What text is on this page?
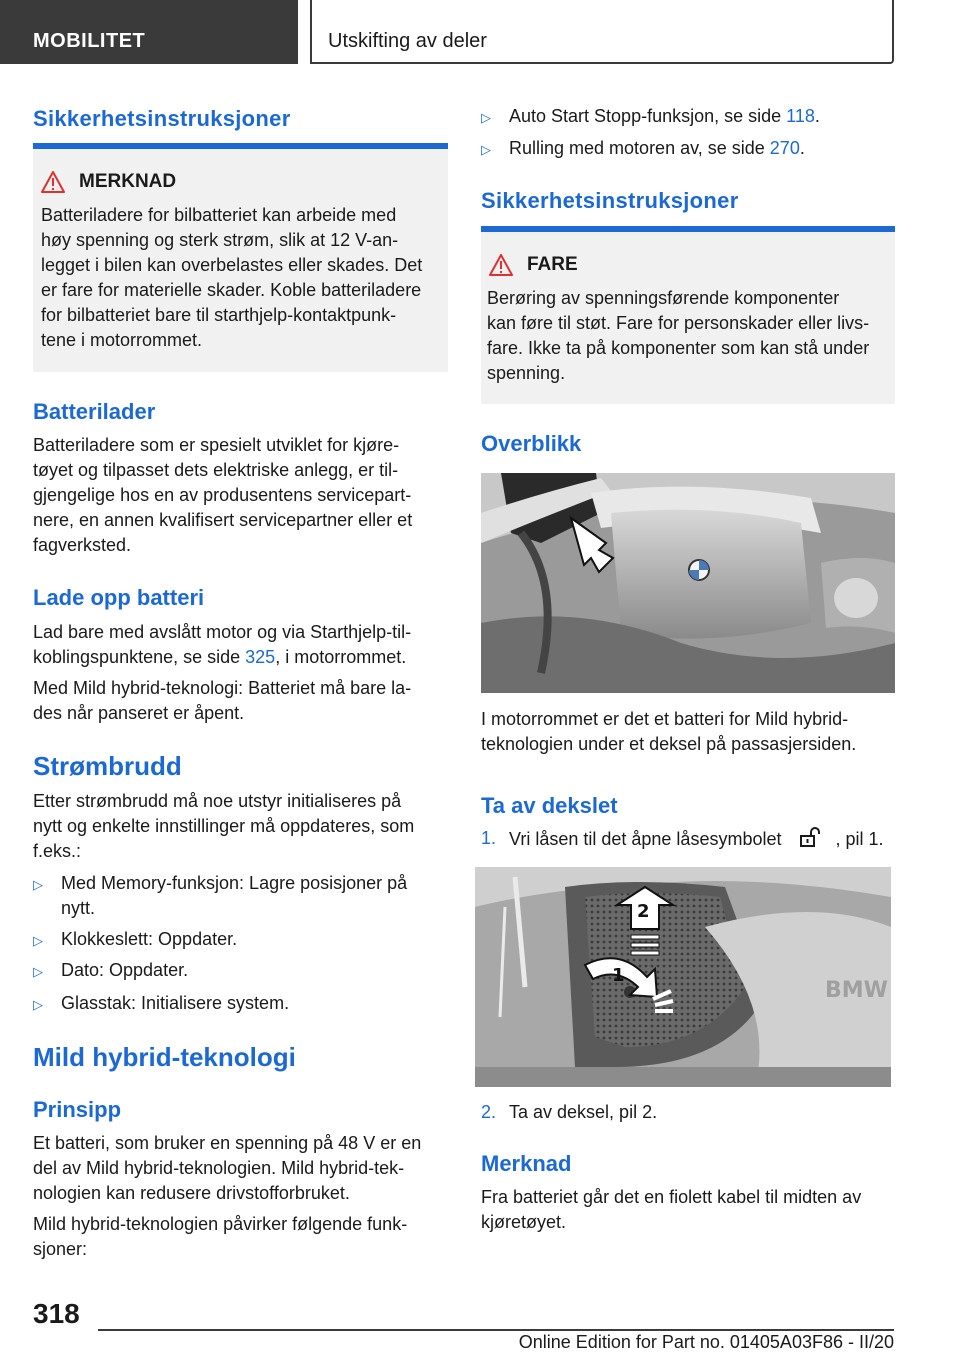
MOBILITET	Utskifting av deler
Sikkerhetsinstruksjoner
MERKNAD
Batteriladere for bilbatteriet kan arbeide med
høy spenning og sterk strøm, slik at 12 V-an-
legget i bilen kan overbelastes eller skades. Det
er fare for materielle skader. Koble batteriladere
for bilbatteriet bare til starthjelp-kontaktpunk-
tene i motorrommet.
Batterilader
Batteriladere som er spesielt utviklet for kjøre-
tøyet og tilpasset dets elektriske anlegg, er til-
gjengelige hos en av produsentens servicepart-
nere, en annen kvalifisert servicepartner eller et
fagverksted.
Lade opp batteri
Lad bare med avslått motor og via Starthjelp-til-
koblingspunktene, se side 325, i motorrommet.
Med Mild hybrid-teknologi: Batteriet må bare la-
des når panseret er åpent.
Strømbrudd
Etter strømbrudd må noe utstyr initialiseres på
nytt og enkelte innstillinger må oppdateres, som
f.eks.:
▷ Med Memory-funksjon: Lagre posisjoner på
nytt.
▷ Klokkeslett: Oppdater.
▷ Dato: Oppdater.
▷ Glasstak: Initialisere system.
Mild hybrid-teknologi
Prinsipp
Et batteri, som bruker en spenning på 48 V er en
del av Mild hybrid-teknologien. Mild hybrid-tek-
nologien kan redusere drivstofforbruket.
Mild hybrid-teknologien påvirker følgende funk-
sjoner:
▷ Auto Start Stopp-funksjon, se side 118.
▷ Rulling med motoren av, se side 270.
Sikkerhetsinstruksjoner
FARE
Berøring av spenningsførende komponenter
kan føre til støt. Fare for personskader eller livs-
fare. Ikke ta på komponenter som kan stå under
spenning.
Overblikk
I motorrommet er det et batteri for Mild hybrid-
teknologien under et deksel på passasjersiden.
Ta av dekslet
1. Vri låsen til det åpne låsesymbolet	, pil 1.
BMW
2
1
2. Ta av deksel, pil 2.
Merknad
Fra batteriet går det en fiolett kabel til midten av
kjøretøyet.
318
Online Edition for Part no. 01405A03F86 - II/20
